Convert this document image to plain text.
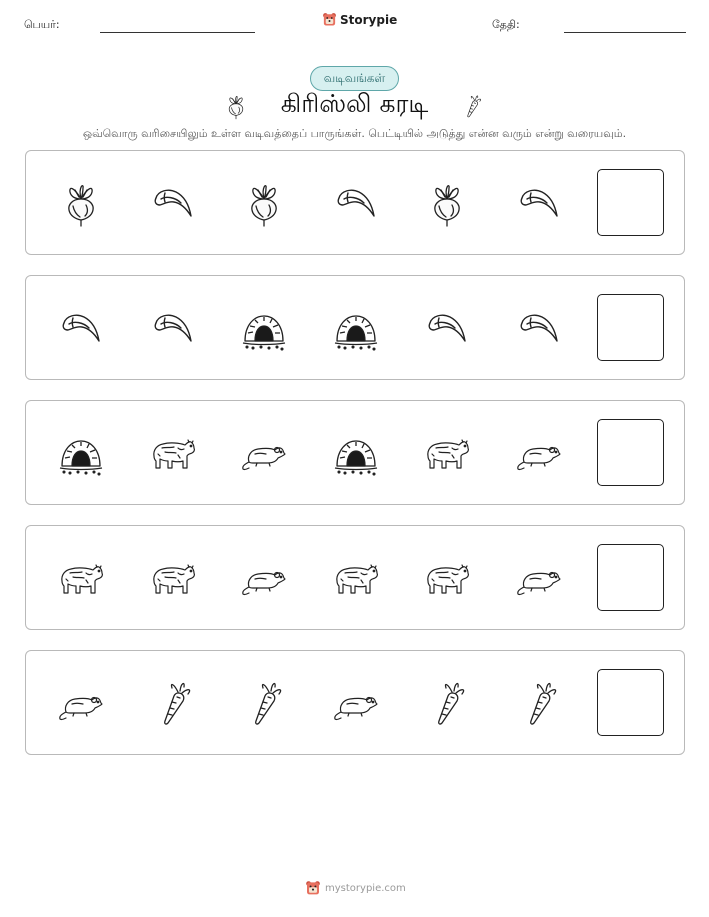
பெயர்:	Storypie	தேதி:
வடிவங்கள்
கிரிஸ்லி கரடி
ஒவ்வொரு வரிசையிலும் உள்ள வடிவத்தைப் பாருங்கள். பெட்டியில் அடுத்து என்ன வரும் என்று வரையவும்.
mystorypie.com
